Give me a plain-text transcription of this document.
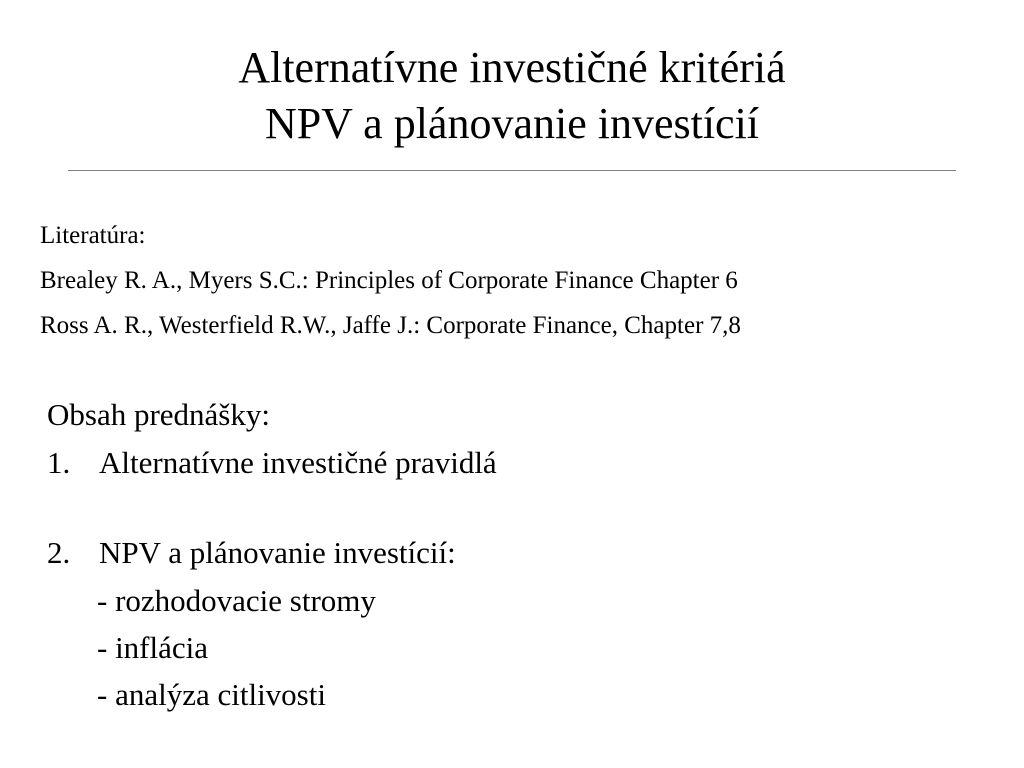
Alternatívne investičné kritériá
NPV a plánovanie investícií
Literatúra:
Brealey R. A., Myers S.C.: Principles of Corporate Finance Chapter 6
Ross A. R., Westerfield R.W., Jaffe J.: Corporate Finance, Chapter 7,8
Obsah prednášky:
1. Alternatívne investičné pravidlá
2. NPV a plánovanie investícií:
- rozhodovacie stromy
- inflácia
- analýza citlivosti
